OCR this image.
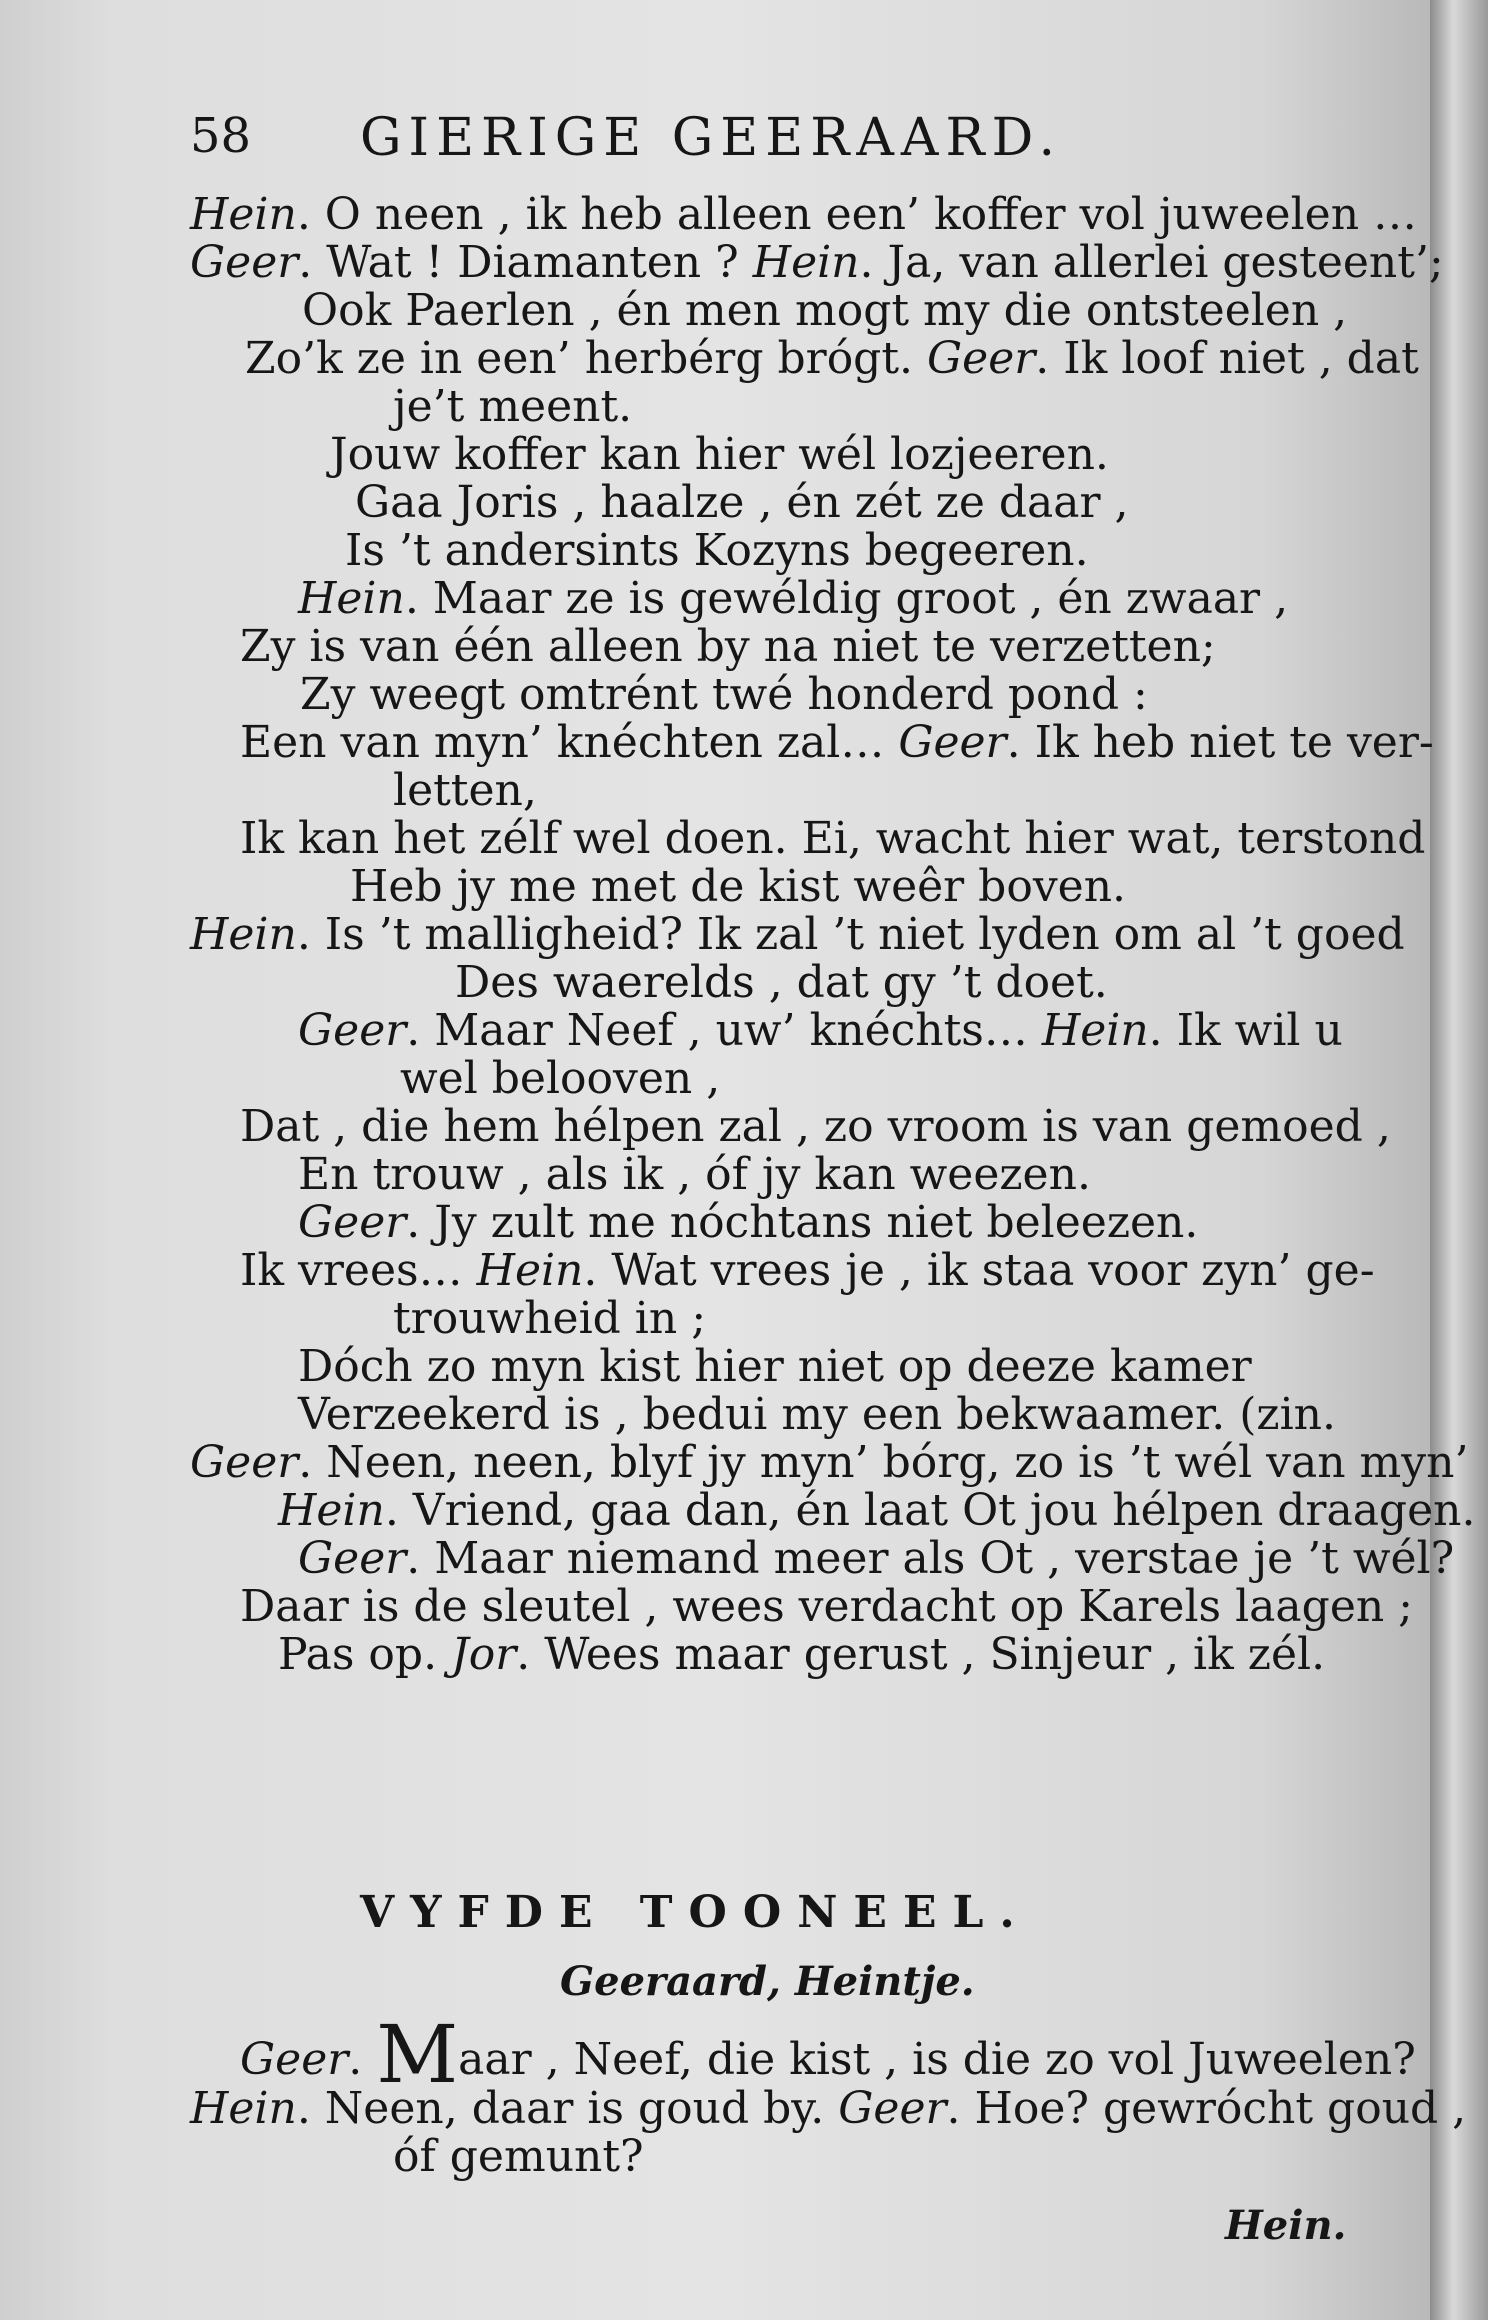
58 GIERIGE GEERAARD.
Hein. O neen , ik heb alleen een’ koffer vol juweelen …
Geer. Wat ! Diamanten ? Hein. Ja, van allerlei gesteent’;
Ook Paerlen , én men mogt my die ontsteelen ,
Zo’k ze in een’ herbérg brógt. Geer. Ik loof niet , dat
je’t meent.
Jouw koffer kan hier wél lozjeeren.
Gaa Joris , haalze , én zét ze daar ,
Is ’t andersints Kozyns begeeren.
Hein. Maar ze is gewéldig groot , én zwaar ,
Zy is van één alleen by na niet te verzetten;
Zy weegt omtrént twé honderd pond :
Een van myn’ knéchten zal… Geer. Ik heb niet te ver-
letten,
Ik kan het zélf wel doen. Ei, wacht hier wat, terstond
Heb jy me met de kist weêr boven.
Hein. Is ’t malligheid? Ik zal ’t niet lyden om al ’t goed
Des waerelds , dat gy ’t doet.
Geer. Maar Neef , uw’ knéchts… Hein. Ik wil u
wel belooven ,
Dat , die hem hélpen zal , zo vroom is van gemoed ,
En trouw , als ik , óf jy kan weezen.
Geer. Jy zult me nóchtans niet beleezen.
Ik vrees… Hein. Wat vrees je , ik staa voor zyn’ ge-
trouwheid in ;
Dóch zo myn kist hier niet op deeze kamer
Verzeekerd is , bedui my een bekwaamer. (zin.
Geer. Neen, neen, blyf jy myn’ bórg, zo is ’t wél van myn’
Hein. Vriend, gaa dan, én laat Ot jou hélpen draagen.
Geer. Maar niemand meer als Ot , verstae je ’t wél?
Daar is de sleutel , wees verdacht op Karels laagen ;
Pas op. Jor. Wees maar gerust , Sinjeur , ik zél.
VYFDE TOONEEL.
Geeraard, Heintje.
Geer. Maar , Neef, die kist , is die zo vol Juweelen?
Hein. Neen, daar is goud by. Geer. Hoe? gewrócht goud ,
óf gemunt?
Hein.
